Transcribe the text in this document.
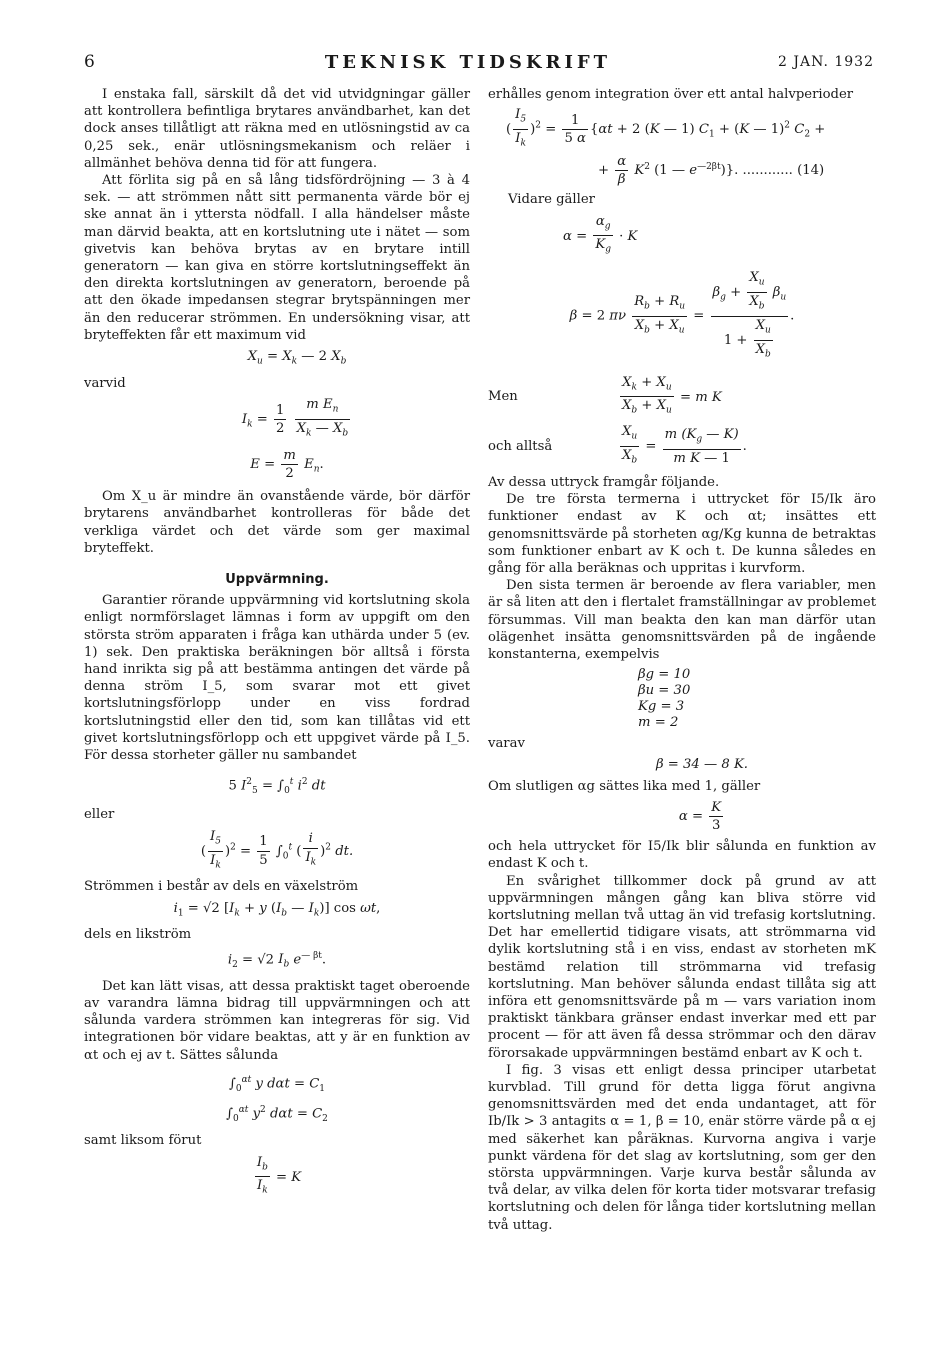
6	TEKNISK TIDSKRIFT	2 JAN. 1932

I enstaka fall, särskilt då det vid utvidgningar gäller att kontrollera befintliga brytares användbarhet, kan det dock anses tillåtligt att räkna med en utlösningstid av ca 0,25 sek., enär utlösningsmekanism och reläer i allmänhet behöva denna tid för att fungera.

Att förlita sig på en så lång tidsfördröjning — 3 à 4 sek. — att strömmen nått sitt permanenta värde bör ej ske annat än i yttersta nödfall. I alla händelser måste man därvid beakta, att en kortslutning ute i nätet — som givetvis kan behöva brytas av en brytare intill generatorn — kan giva en större kortslutningseffekt än den direkta kortslutningen av generatorn, beroende på att den ökade impedansen stegrar brytspänningen mer än den reducerar strömmen. En undersökning visar, att bryteffekten får ett maximum vid

$X_u = X_k$ — 2 $X_b$
varvid
$I_k = \frac{1}{2}$
$\frac{m E_n}{X_k — X_b}$
$E = \frac{m}{2} E_n$.

Om X_u är mindre än ovanstående värde, bör därför brytarens användbarhet kontrolleras för både det verkliga värdet och det värde som ger maximal bryteffekt.

Uppvärmning.

Garantier rörande uppvärmning vid kortslutning skola enligt normförslaget lämnas i form av uppgift om den största ström apparaten i fråga kan uthärda under 5 (ev. 1) sek. Den praktiska beräkningen bör alltså i första hand inrikta sig på att bestämma antingen det värde på denna ström I_5, som svarar mot ett givet kortslutningsförlopp under en viss fordrad kortslutningstid eller den tid, som kan tillåtas vid ett givet kortslutningsförlopp och ett uppgivet värde på I_5. För dessa storheter gäller nu sambandet

5 $I^2_5 = \int_0^t$ $i^2$ dt
eller
( $\frac{I_5}{I_k} )^2 = \frac{1}{5} \int_0^t$ ( $\frac{i}{I_k} )^2$ dt.

Strömmen i består av dels en växelström

$i_1 = √2$ [$I_k + y$ ($I_b$ — $I_k$)] cos ωt,

dels en likström

$i_2 = √2$ $I_b$ $e^{— \beta t}$.

Det kan lätt visas, att dessa praktiskt taget oberoende av varandra lämna bidrag till uppvärmningen och att sålunda vardera strömmen kan integreras för sig. Vid integrationen bör vidare beaktas, att y är en funktion av αt och ej av t. Sättes sålunda

$\int_0^{\alpha t}$ y $d\alpha t = C_1$
$\int_0^{\alpha t}$ $y^2$ $d\alpha t = C_2$

samt liksom förut

$\frac{I_b}{I_k} = K$

erhålles genom integration över ett antal halvperioder

( $\frac{I_5}{I_k} )^2 = \frac{1}{5 \alpha} \{\alpha t + 2$ (K — 1) $C_1 + (K$ — 1)$^2$ $C_2$ +
+ $\frac{\alpha}{\beta} K^2$ (1 — $e^{—2\beta t}$)}. ............ (14)
Vidare gäller
$\alpha = \frac{\alpha_g}{K_g} \cdot K$
β = 2 πν $\frac{R_b + R_u}{X_b + X_u} = \frac{\beta_g + \frac{X_u}{X_b} \beta_u}{1 + \frac{X_u}{X_b}}$ .
Men	$\frac{X_k + X_u}{X_b + X_u} = m$ K
och alltså	$\frac{X_u}{X_b} = \frac{m (K_g — K)}{\text{m K — 1}}$ .

Av dessa uttryck framgår följande.

De tre första termerna i uttrycket för I5/Ik äro funktioner endast av K och αt; insättes ett genomsnittsvärde på storheten αg/Kg kunna de betraktas som funktioner enbart av K och t. De kunna således en gång för alla beräknas och uppritas i kurvform.

Den sista termen är beroende av flera variabler, men är så liten att den i flertalet framställningar av problemet försummas. Vill man beakta den kan man därför utan olägenhet insätta genomsnittsvärden på de ingående konstanterna, exempelvis

βg = 10
βu = 30
Kg = 3
m = 2
varav
β = 34 — 8 K.

Om slutligen αg sättes lika med 1, gäller

$\alpha = \frac{K}{3}$

och hela uttrycket för I5/Ik blir sålunda en funktion av endast K och t.

En svårighet tillkommer dock på grund av att uppvärmningen mången gång kan bliva större vid kortslutning mellan två uttag än vid trefasig kortslutning. Det har emellertid tidigare visats, att strömmarna vid dylik kortslutning stå i en viss, endast av storheten mK bestämd relation till strömmarna vid trefasig kortslutning. Man behöver sålunda endast tillåta sig att införa ett genomsnittsvärde på m — vars variation inom praktiskt tänkbara gränser endast inverkar med ett par procent — för att även få dessa strömmar och den därav förorsakade uppvärmningen bestämd enbart av K och t.

I fig. 3 visas ett enligt dessa principer utarbetat kurvblad. Till grund för detta ligga förut angivna genomsnittsvärden med det enda undantaget, att för Ib/Ik > 3 antagits α = 1, β = 10, enär större värde på α ej med säkerhet kan påräknas. Kurvorna angiva i varje punkt värdena för det slag av kortslutning, som ger den största uppvärmningen. Varje kurva består sålunda av två delar, av vilka delen för korta tider motsvarar trefasig kortslutning och delen för långa tider kortslutning mellan två uttag.
